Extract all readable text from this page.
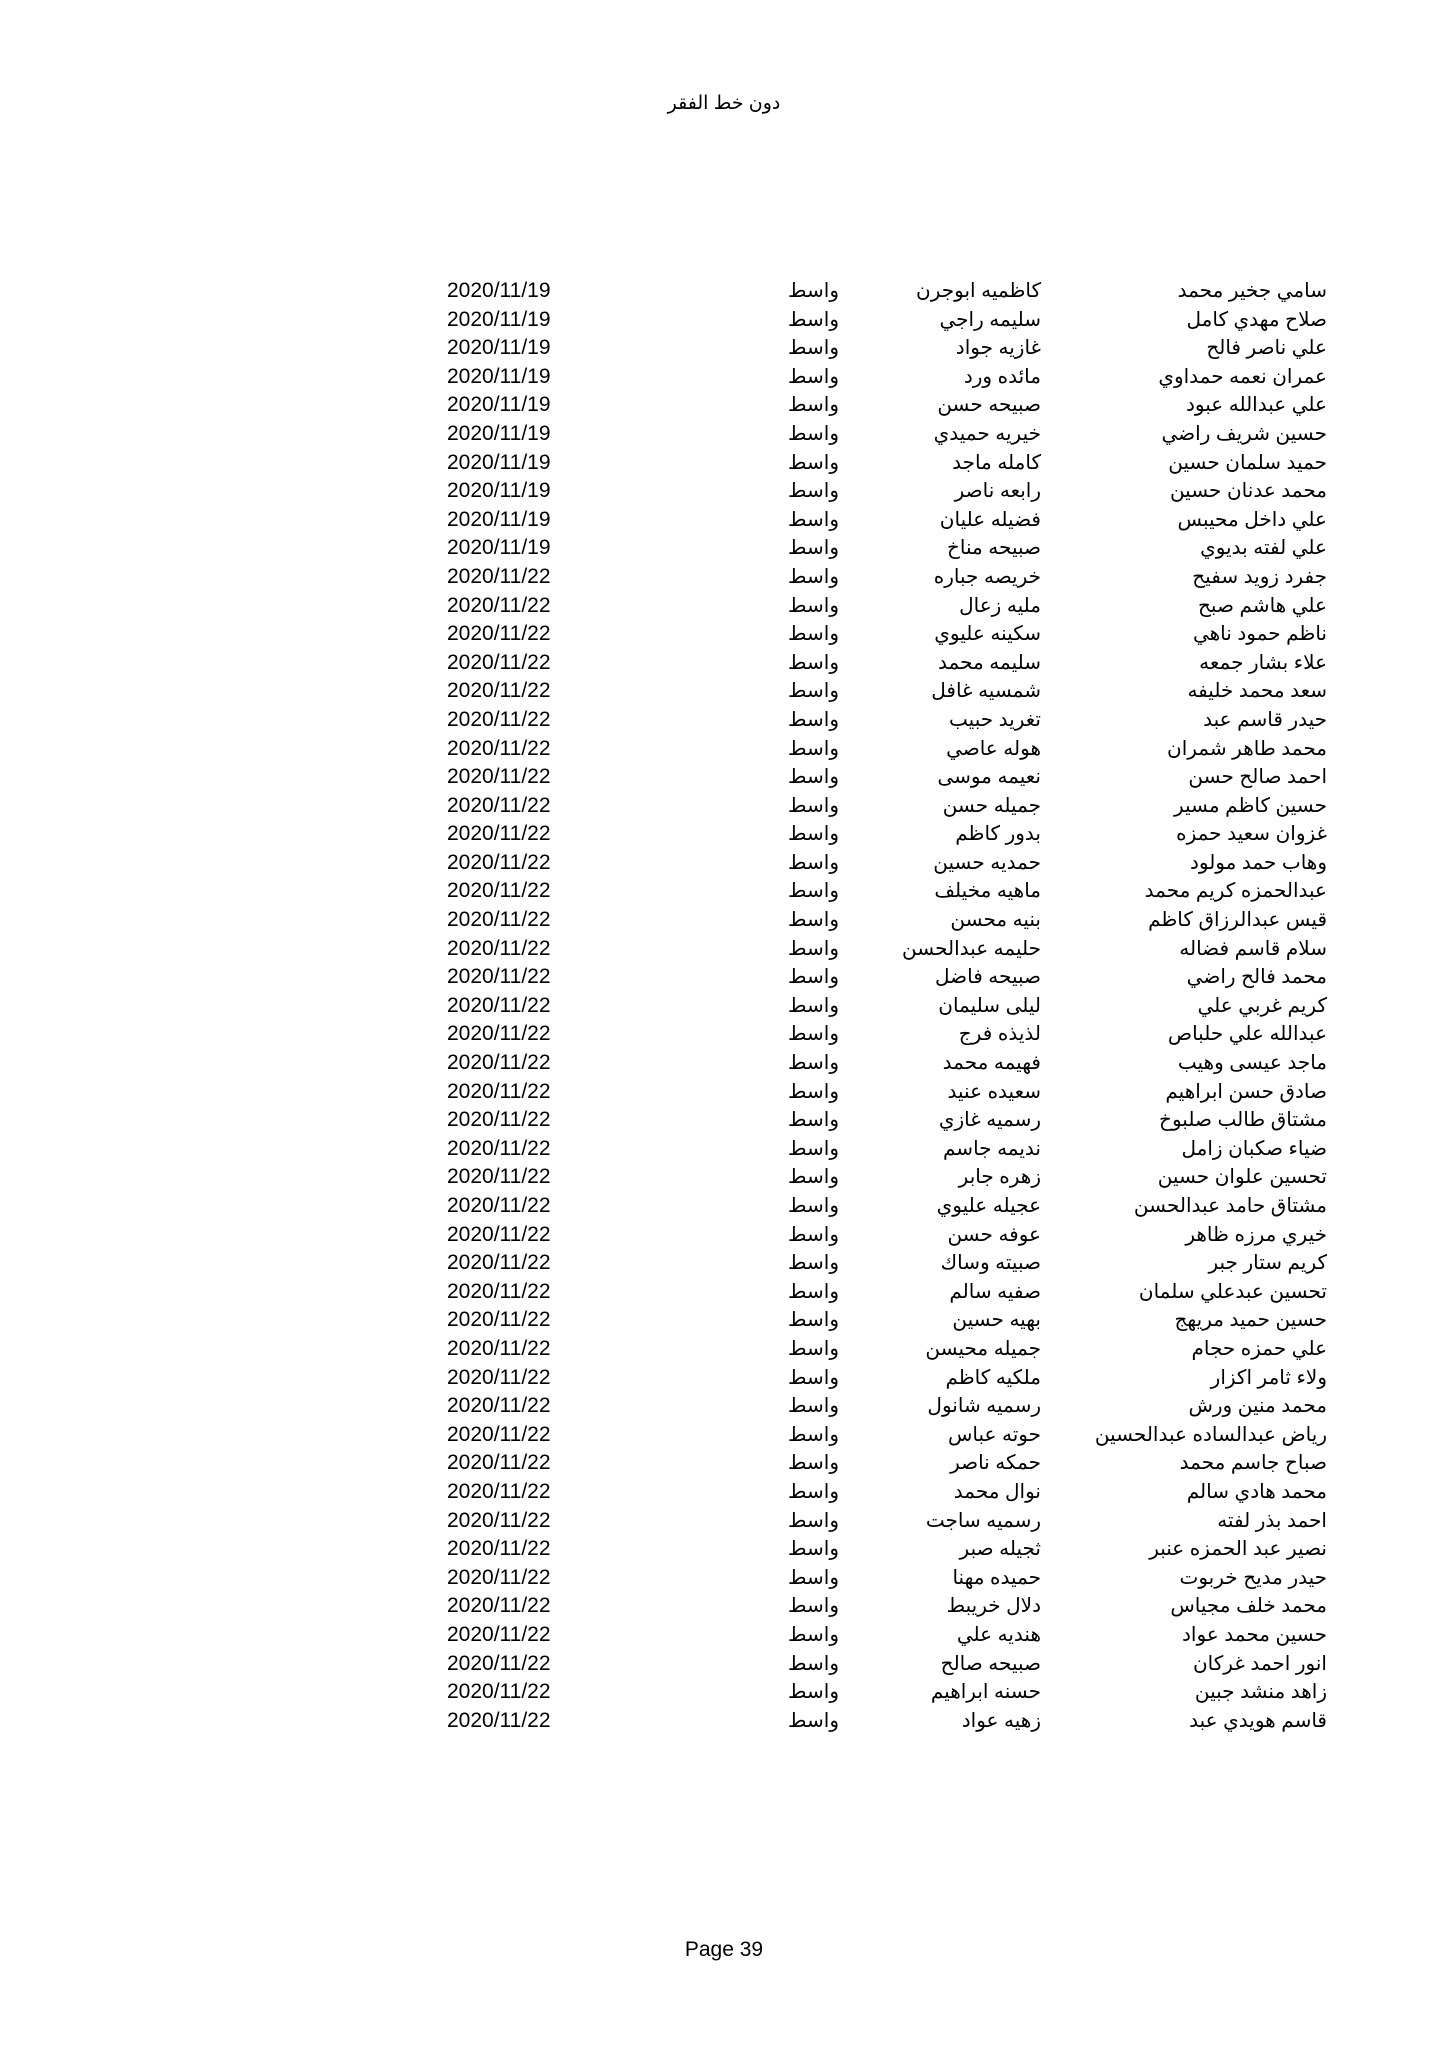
دون خط الفقر
سامي جخير محمد
كاظميه ابوجرن
واسط
2020/11/19
صلاح مهدي كامل
سليمه راجي
واسط
2020/11/19
علي ناصر فالح
غازيه جواد
واسط
2020/11/19
عمران نعمه حمداوي
مائده ورد
واسط
2020/11/19
علي عبدالله عبود
صبيحه حسن
واسط
2020/11/19
حسين شريف راضي
خيريه حميدي
واسط
2020/11/19
حميد سلمان حسين
كامله ماجد
واسط
2020/11/19
محمد عدنان حسين
رابعه ناصر
واسط
2020/11/19
علي داخل محيبس
فضيله عليان
واسط
2020/11/19
علي لفته بديوي
صبيحه مناخ
واسط
2020/11/19
جفرد زويد سفيح
خريصه جباره
واسط
2020/11/22
علي هاشم صبح
مليه زعال
واسط
2020/11/22
ناظم حمود ناهي
سكينه عليوي
واسط
2020/11/22
علاء بشار جمعه
سليمه محمد
واسط
2020/11/22
سعد محمد خليفه
شمسيه غافل
واسط
2020/11/22
حيدر قاسم عبد
تغريد حبيب
واسط
2020/11/22
محمد طاهر شمران
هوله عاصي
واسط
2020/11/22
احمد صالح حسن
نعيمه موسى
واسط
2020/11/22
حسين كاظم مسير
جميله حسن
واسط
2020/11/22
غزوان سعيد حمزه
بدور كاظم
واسط
2020/11/22
وهاب حمد مولود
حمديه حسين
واسط
2020/11/22
عبدالحمزه كريم محمد
ماهيه مخيلف
واسط
2020/11/22
قيس عبدالرزاق كاظم
بنيه محسن
واسط
2020/11/22
سلام قاسم فضاله
حليمه عبدالحسن
واسط
2020/11/22
محمد فالح راضي
صبيحه فاضل
واسط
2020/11/22
كريم غربي علي
ليلى سليمان
واسط
2020/11/22
عبدالله علي حلباص
لذيذه فرج
واسط
2020/11/22
ماجد عيسى وهيب
فهيمه محمد
واسط
2020/11/22
صادق حسن ابراهيم
سعيده عنيد
واسط
2020/11/22
مشتاق طالب صلبوخ
رسميه غازي
واسط
2020/11/22
ضياء صكبان زامل
نديمه جاسم
واسط
2020/11/22
تحسين علوان حسين
زهره جابر
واسط
2020/11/22
مشتاق حامد عبدالحسن
عجيله عليوي
واسط
2020/11/22
خيري مرزه ظاهر
عوفه حسن
واسط
2020/11/22
كريم ستار جبر
صبيته وساك
واسط
2020/11/22
تحسين عبدعلي سلمان
صفيه سالم
واسط
2020/11/22
حسين حميد مريهج
بهيه حسين
واسط
2020/11/22
علي حمزه حجام
جميله محيسن
واسط
2020/11/22
ولاء ثامر اكزار
ملكيه كاظم
واسط
2020/11/22
محمد منين ورش
رسميه شانول
واسط
2020/11/22
رياض عبدالساده عبدالحسين
حوته عباس
واسط
2020/11/22
صباح جاسم محمد
حمكه ناصر
واسط
2020/11/22
محمد هادي سالم
نوال محمد
واسط
2020/11/22
احمد بذر لفته
رسميه ساجت
واسط
2020/11/22
نصير عبد الحمزه عنبر
ثجيله صبر
واسط
2020/11/22
حيدر مديح خربوت
حميده مهنا
واسط
2020/11/22
محمد خلف مجياس
دلال خريبط
واسط
2020/11/22
حسين محمد عواد
هنديه علي
واسط
2020/11/22
انور احمد غركان
صبيحه صالح
واسط
2020/11/22
زاهد منشد جبين
حسنه ابراهيم
واسط
2020/11/22
قاسم هويدي عبد
زهيه عواد
واسط
2020/11/22
Page 39
